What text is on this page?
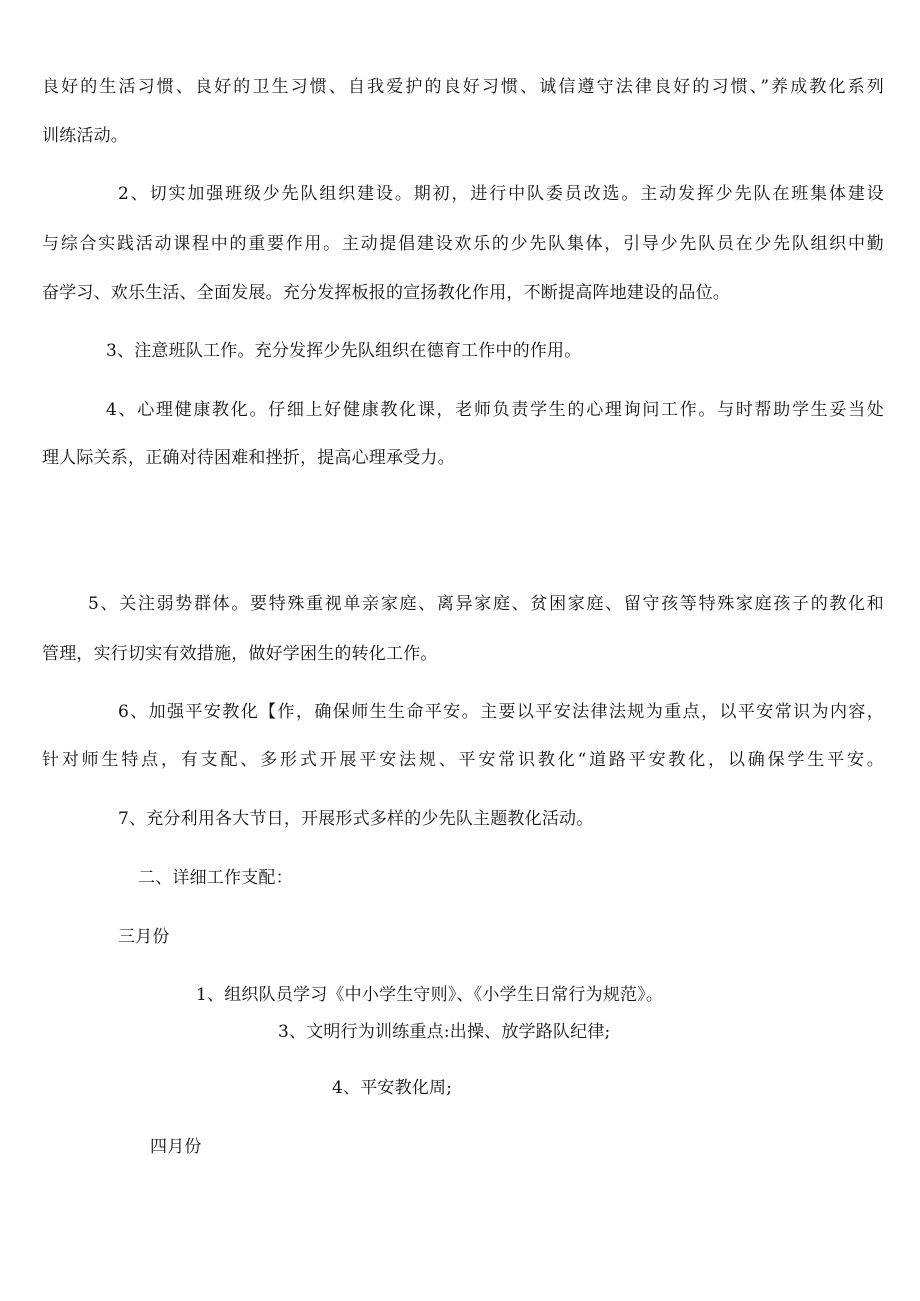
良好的生活习惯、良好的卫生习惯、自我爱护的良好习惯、诚信遵守法律良好的习惯、”养成教化系列
训练活动。
2、切实加强班级少先队组织建设。期初，进行中队委员改选。主动发挥少先队在班集体建设
与综合实践活动课程中的重要作用。主动提倡建设欢乐的少先队集体，引导少先队员在少先队组织中勤
奋学习、欢乐生活、全面发展。充分发挥板报的宣扬教化作用，不断提高阵地建设的品位。
3、注意班队工作。充分发挥少先队组织在德育工作中的作用。
4、心理健康教化。仔细上好健康教化课，老师负责学生的心理询问工作。与时帮助学生妥当处
理人际关系，正确对待困难和挫折，提高心理承受力。
5、关注弱势群体。要特殊重视单亲家庭、离异家庭、贫困家庭、留守孩等特殊家庭孩子的教化和
管理，实行切实有效措施，做好学困生的转化工作。
6、加强平安教化【作，确保师生生命平安。主要以平安法律法规为重点，以平安常识为内容，
针对师生特点，有支配、多形式开展平安法规、平安常识教化“道路平安教化，以确保学生平安。
7、充分利用各大节日，开展形式多样的少先队主题教化活动。
二、详细工作支配：
三月份
1、组织队员学习《中小学生守则》、《小学生日常行为规范》。
3、文明行为训练重点:出操、放学路队纪律;
4、平安教化周;
四月份
